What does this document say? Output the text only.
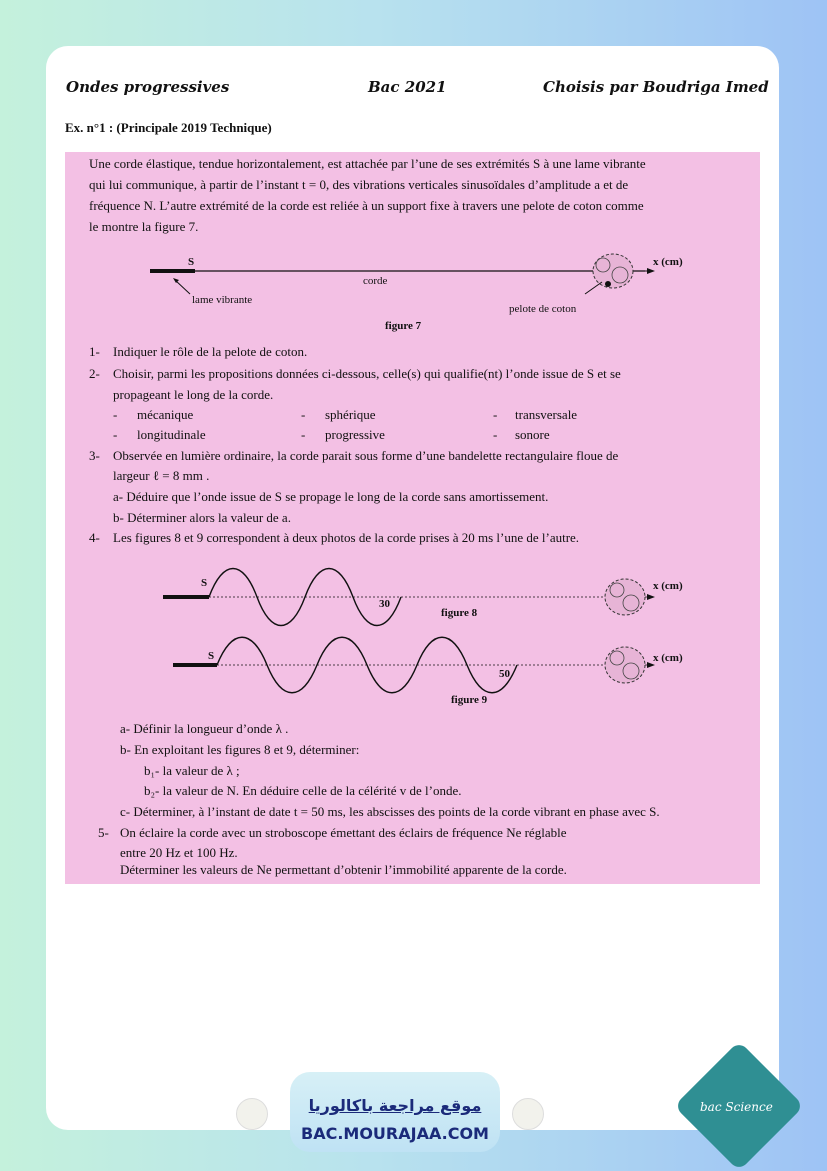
Ondes progressives	Bac 2021	Choisis par Boudriga Imed
Ex. n°1 : (Principale 2019 Technique)
Une corde élastique, tendue horizontalement, est attachée par l’une de ses extrémités S à une lame vibrante
qui lui communique, à partir de l’instant t = 0, des vibrations verticales sinusoïdales d’amplitude a et de
fréquence N. L’autre extrémité de la corde est reliée à un support fixe à travers une pelote de coton comme
le montre la figure 7.
S	x (cm)
corde
lame vibrante
pelote de coton
figure 7
1- Indiquer le rôle de la pelote de coton.
2- Choisir, parmi les propositions données ci-dessous, celle(s) qui qualifie(nt) l’onde issue de S et se
propageant le long de la corde.
- mécanique	- sphérique	- transversale
- longitudinale	- progressive	- sonore
3- Observée en lumière ordinaire, la corde parait sous forme d’une bandelette rectangulaire floue de
largeur ℓ = 8 mm .
a- Déduire que l’onde issue de S se propage le long de la corde sans amortissement.
b- Déterminer alors la valeur de a.
4- Les figures 8 et 9 correspondent à deux photos de la corde prises à 20 ms l’une de l’autre.
S	x (cm)
30
figure 8
S	x (cm)
50
figure 9
a- Définir la longueur d’onde λ .
b- En exploitant les figures 8 et 9, déterminer:
b₁- la valeur de λ ;
b₂- la valeur de N. En déduire celle de la célérité v de l’onde.
c- Déterminer, à l’instant de date t = 50 ms, les abscisses des points de la corde vibrant en phase avec S.
5- On éclaire la corde avec un stroboscope émettant des éclairs de fréquence Ne réglable
entre 20 Hz et 100 Hz.
Déterminer les valeurs de Ne permettant d’obtenir l’immobilité apparente de la corde.
موقع مراجعة باكالوريا
BAC.MOURAJAA.COM
bac Science
